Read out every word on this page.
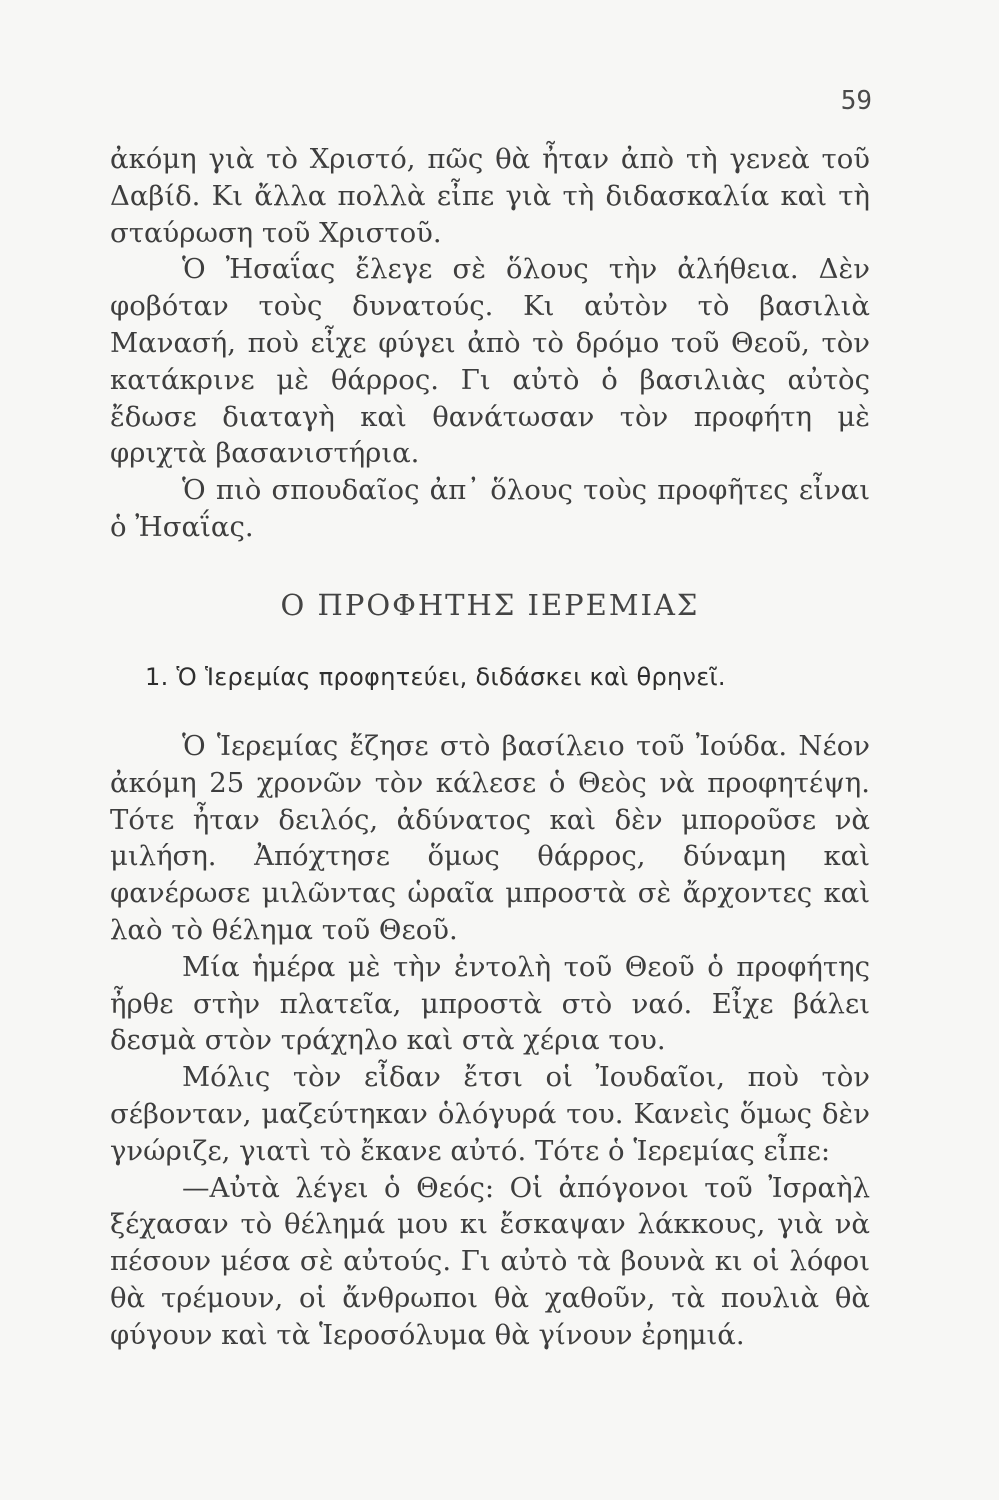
59

ἀκόμη γιὰ τὸ Χριστό, πῶς θὰ ἦταν ἀπὸ τὴ γενεὰ τοῦ Δαβίδ. Κι ἄλλα πολλὰ εἶπε γιὰ τὴ διδασκαλία καὶ τὴ σταύρωση τοῦ Χριστοῦ.

Ὁ Ἠσαΐας ἔλεγε σὲ ὅλους τὴν ἀλήθεια. Δὲν φοβόταν τοὺς δυνατούς. Κι αὐτὸν τὸ βασιλιὰ Μανασή, ποὺ εἶχε φύγει ἀπὸ τὸ δρόμο τοῦ Θεοῦ, τὸν κατάκρινε μὲ θάρρος. Γι αὐτὸ ὁ βασιλιὰς αὐτὸς ἔδωσε διαταγὴ καὶ θανάτωσαν τὸν προφήτη μὲ φριχτὰ βασανιστήρια.

Ὁ πιὸ σπουδαῖος ἀπ᾽ ὅλους τοὺς προφῆτες εἶναι ὁ Ἠσαΐας.

Ο ΠΡΟΦΗΤΗΣ ΙΕΡΕΜΙΑΣ
1. Ὁ Ἱερεμίας προφητεύει, διδάσκει καὶ θρηνεῖ.

Ὁ Ἱερεμίας ἔζησε στὸ βασίλειο τοῦ Ἰούδα. Νέον ἀκόμη 25 χρονῶν τὸν κάλεσε ὁ Θεὸς νὰ προφητέψη. Τότε ἦταν δειλός, ἀδύνατος καὶ δὲν μποροῦσε νὰ μιλήση. Ἀπόχτησε ὅμως θάρρος, δύναμη καὶ φανέρωσε μιλῶντας ὡραῖα μπροστὰ σὲ ἄρχοντες καὶ λαὸ τὸ θέλημα τοῦ Θεοῦ.

Μία ἡμέρα μὲ τὴν ἐντολὴ τοῦ Θεοῦ ὁ προφήτης ἦρθε στὴν πλατεῖα, μπροστὰ στὸ ναό. Εἶχε βάλει δεσμὰ στὸν τράχηλο καὶ στὰ χέρια του.

Μόλις τὸν εἶδαν ἔτσι οἱ Ἰουδαῖοι, ποὺ τὸν σέβονταν, μαζεύτηκαν ὁλόγυρά του. Κανεὶς ὅμως δὲν γνώριζε, γιατὶ τὸ ἔκανε αὐτό. Τότε ὁ Ἱερεμίας εἶπε:

—Αὐτὰ λέγει ὁ Θεός: Οἱ ἀπόγονοι τοῦ Ἰσραὴλ ξέχασαν τὸ θέλημά μου κι ἔσκαψαν λάκκους, γιὰ νὰ πέσουν μέσα σὲ αὐτούς. Γι αὐτὸ τὰ βουνὰ κι οἱ λόφοι θὰ τρέμουν, οἱ ἄνθρωποι θὰ χαθοῦν, τὰ πουλιὰ θὰ φύγουν καὶ τὰ Ἱεροσόλυμα θὰ γίνουν ἐρημιά.
